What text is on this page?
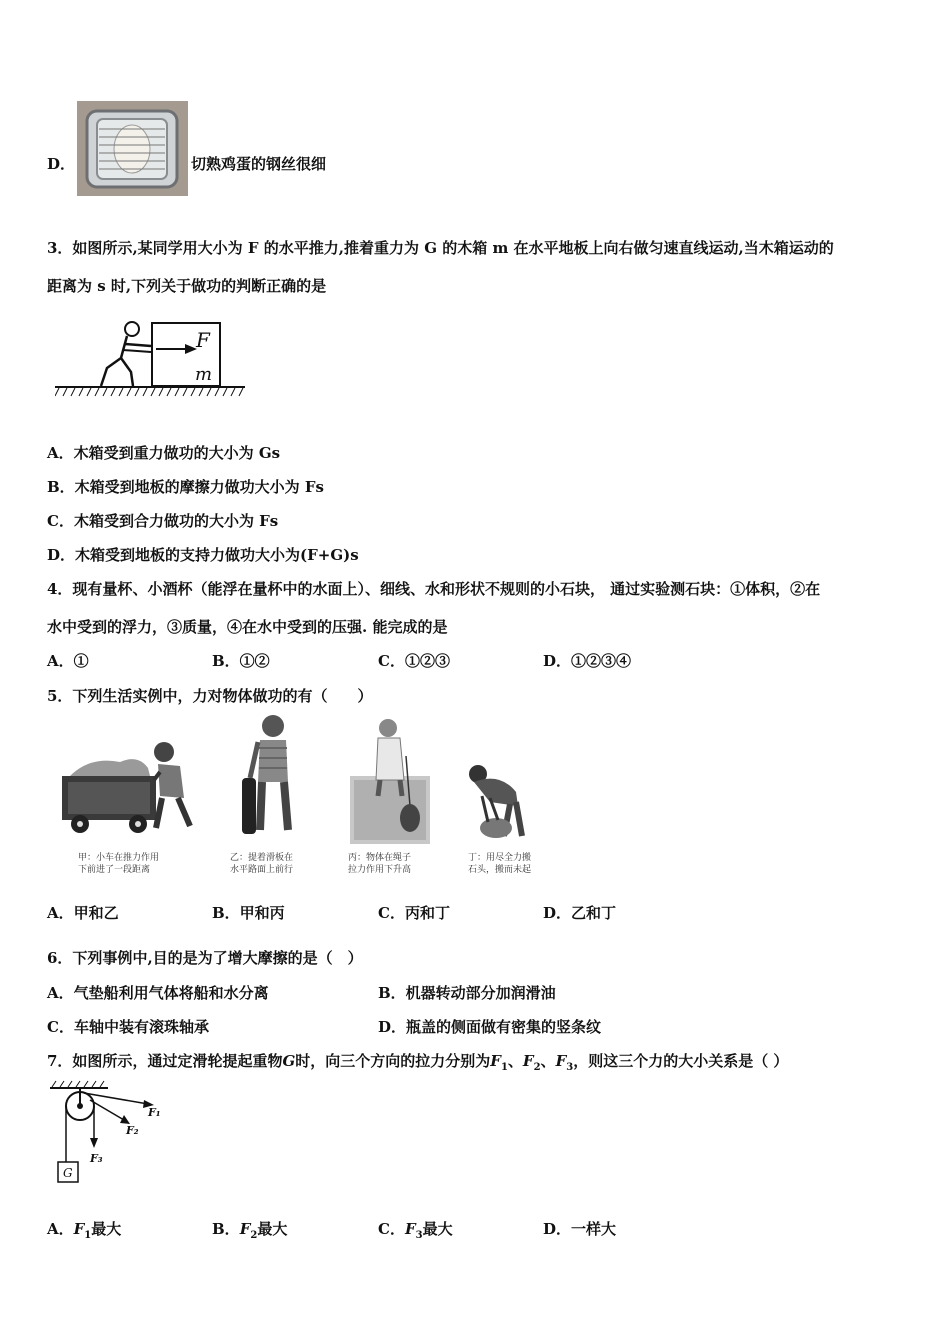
D．	切熟鸡蛋的钢丝很细
3．如图所示,某同学用大小为 F 的水平推力,推着重力为 G 的木箱 m 在水平地板上向右做匀速直线运动,当木箱运动的
距离为 s 时,下列关于做功的判断正确的是
F
m
A．木箱受到重力做功的大小为 Gs
B．木箱受到地板的摩擦力做功大小为 Fs
C．木箱受到合力做功的大小为 Fs
D．木箱受到地板的支持力做功大小为(F+G)s
4．现有量杯、小酒杯（能浮在量杯中的水面上）、细线、水和形状不规则的小石块， 通过实验测石块：①体积，②在
水中受到的浮力，③质量，④在水中受到的压强. 能完成的是
A．①	B．①②	C．①②③	D．①②③④
5．下列生活实例中，力对物体做功的有（　　）
甲：小车在推力作用
下前进了一段距离
乙：提着滑板在
水平路面上前行
丙：物体在绳子
拉力作用下升高
丁：用尽全力搬
石头，搬而未起
A．甲和乙	B．甲和丙	C．丙和丁	D．乙和丁
6．下列事例中,目的是为了增大摩擦的是（　）
A．气垫船利用气体将船和水分离	B．机器转动部分加润滑油
C．车轴中装有滚珠轴承	D．瓶盖的侧面做有密集的竖条纹
7．如图所示，通过定滑轮提起重物G时，向三个方向的拉力分别为$F_1$、$F_2$、$F_3$，则这三个力的大小关系是（ ）
G
F₁
F₂
F₃
A．$F_1$最大	B．$F_2$最大	C．$F_3$最大	D．一样大
